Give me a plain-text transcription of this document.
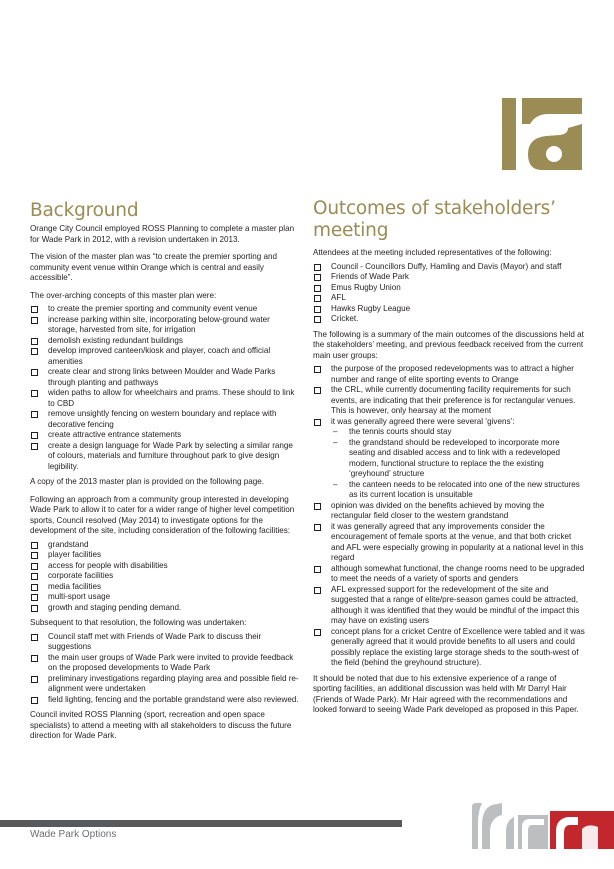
Background

Orange City Council employed ROSS Planning to complete a master plan for Wade Park in 2012, with a revision undertaken in 2013.

The vision of the master plan was “to create the premier sporting and community event venue within Orange which is central and easily accessible”.

The over-arching concepts of this master plan were:

to create the premier sporting and community event venue
increase parking within site, incorporating below-ground water storage, harvested from site, for irrigation
demolish existing redundant buildings
develop improved canteen/kiosk and player, coach and official amenities
create clear and strong links between Moulder and Wade Parks through planting and pathways
widen paths to allow for wheelchairs and prams. These should to link to CBD
remove unsightly fencing on western boundary and replace with decorative fencing
create attractive entrance statements
create a design language for Wade Park by selecting a similar range of colours, materials and furniture throughout park to give design legibility.

A copy of the 2013 master plan is provided on the following page.

Following an approach from a community group interested in developing Wade Park to allow it to cater for a wider range of higher level competition sports, Council resolved (May 2014) to investigate options for the development of the site, including consideration of the following facilities:

grandstand
player facilities
access for people with disabilities
corporate facilities
media facilities
multi-sport usage
growth and staging pending demand.

Subsequent to that resolution, the following was undertaken:

Council staff met with Friends of Wade Park to discuss their suggestions
the main user groups of Wade Park were invited to provide feedback on the proposed developments to Wade Park
preliminary investigations regarding playing area and possible field re-alignment were undertaken
field lighting, fencing and the portable grandstand were also reviewed.

Council invited ROSS Planning (sport, recreation and open space specialists) to attend a meeting with all stakeholders to discuss the future direction for Wade Park.

Outcomes of stakeholders’ meeting

Attendees at the meeting included representatives of the following:

Council - Councillors Duffy, Hamling and Davis (Mayor) and staff
Friends of Wade Park
Emus Rugby Union
AFL
Hawks Rugby League
Cricket.

The following is a summary of the main outcomes of the discussions held at the stakeholders’ meeting, and previous feedback received from the current main user groups:

the purpose of the proposed redevelopments was to attract a higher number and range of elite sporting events to Orange
the CRL, while currently documenting facility requirements for such events, are indicating that their preference is for rectangular venues. This is however, only hearsay at the moment
it was generally agreed there were several ‘givens’:
– the tennis courts should stay
– the grandstand should be redeveloped to incorporate more seating and disabled access and to link with a redeveloped modern, functional structure to replace the the existing ‘greyhound’ structure
– the canteen needs to be relocated into one of the new structures as its current location is unsuitable
opinion was divided on the benefits achieved by moving the rectangular field closer to the western grandstand
it was generally agreed that any improvements consider the encouragement of female sports at the venue, and that both cricket and AFL were especially growing in popularity at a national level in this regard
although somewhat functional, the change rooms need to be upgraded to meet the needs of a variety of sports and genders
AFL expressed support for the redevelopment of the site and suggested that a range of elite/pre-season games could be attracted, although it was identified that they would be mindful of the impact this may have on existing users
concept plans for a cricket Centre of Excellence were tabled and it was generally agreed that it would provide benefits to all users and could possibly replace the existing large storage sheds to the south-west of the field (behind the greyhound structure).

It should be noted that due to his extensive experience of a range of sporting facilities, an additional discussion was held with Mr Darryl Hair (Friends of Wade Park). Mr Hair agreed with the recommendations and looked forward to seeing Wade Park developed as proposed in this Paper.

Wade Park Options
